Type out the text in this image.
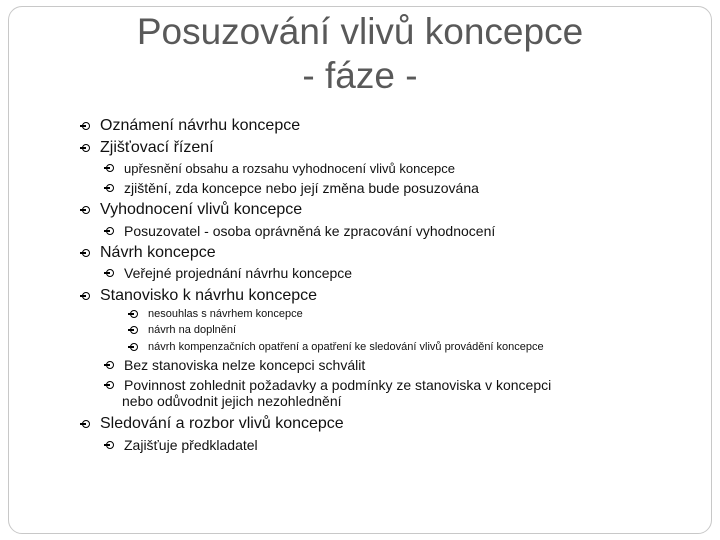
Posuzování vlivů koncepce
- fáze -
Oznámení návrhu koncepce
Zjišťovací řízení
upřesnění obsahu a rozsahu vyhodnocení vlivů koncepce
zjištění, zda koncepce nebo její změna bude posuzována
Vyhodnocení vlivů koncepce
Posuzovatel - osoba oprávněná ke zpracování vyhodnocení
Návrh koncepce
Veřejné projednání návrhu koncepce
Stanovisko k návrhu koncepce
nesouhlas s návrhem koncepce
návrh na doplnění
návrh kompenzačních opatření a opatření ke sledování vlivů provádění koncepce
Bez stanoviska nelze koncepci schválit
Povinnost zohlednit požadavky a podmínky ze stanoviska v koncepci
nebo odůvodnit jejich nezohlednění
Sledování a rozbor vlivů koncepce
Zajišťuje předkladatel
